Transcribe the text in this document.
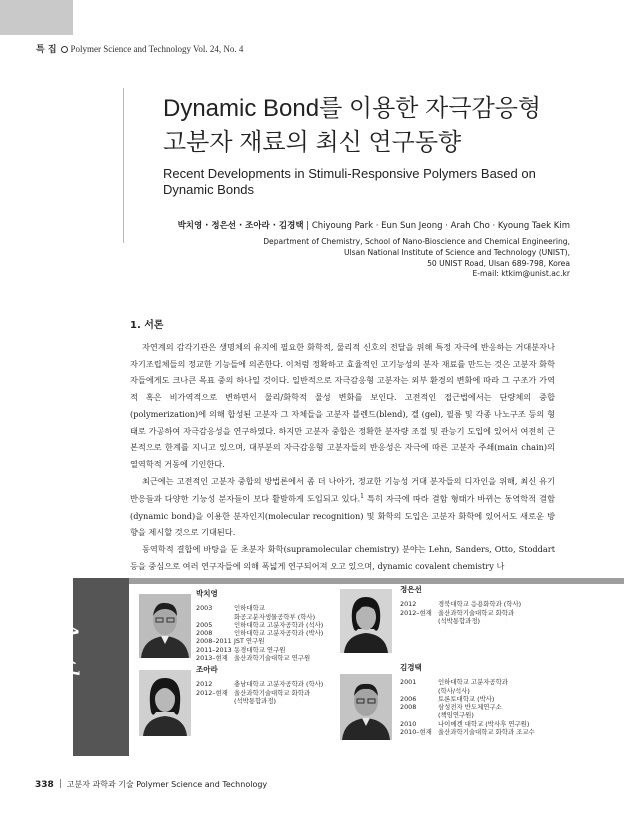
특 집 Polymer Science and Technology Vol. 24, No. 4
Dynamic Bond를 이용한 자극감응형
고분자 재료의 최신 연구동향
Recent Developments in Stimuli-Responsive Polymers Based on
Dynamic Bonds
박치영 · 정은선 · 조아라 · 김경택 | Chiyoung Park · Eun Sun Jeong · Arah Cho · Kyoung Taek Kim
Department of Chemistry, School of Nano-Bioscience and Chemical Engineering,
Ulsan National Institute of Science and Technology (UNIST),
50 UNIST Road, Ulsan 689-798, Korea
E-mail: ktkim@unist.ac.kr
1. 서론

자연계의 감각기관은 생명체의 유지에 필요한 화학적, 물리적 신호의 전달을 위해 특정 자극에 반응하는 거대분자나 자기조립체들의 정교한 기능들에 의존한다. 이처럼 정확하고 효율적인 고기능성의 분자 재료를 만드는 것은 고분자 화학자들에게도 크나큰 목표 중의 하나일 것이다. 일반적으로 자극감응형 고분자는 외부 환경의 변화에 따라 그 구조가 가역적 혹은 비가역적으로 변하면서 물리/화학적 물성 변화를 보인다. 고전적인 접근법에서는 단량체의 중합(polymerization)에 의해 합성된 고분자 그 자체들을 고분자 블렌드(blend), 겔 (gel), 필름 및 각종 나노구조 등의 형태로 가공하여 자극감응성을 연구하였다. 하지만 고분자 중합은 정확한 분자량 조절 및 관능기 도입에 있어서 여전히 근본적으로 한계를 지니고 있으며, 대부분의 자극감응형 고분자들의 반응성은 자극에 따른 고분자 주쇄(main chain)의 열역학적 거동에 기인한다.

최근에는 고전적인 고분자 중합의 방법론에서 좀 더 나아가, 정교한 기능성 거대 분자들의 디자인을 위해, 최신 유기반응들과 다양한 기능성 분자들이 보다 활발하게 도입되고 있다.$^1$ 특히 자극에 따라 결합 형태가 바뀌는 동역학적 결합(dynamic bond)을 이용한 분자인지(molecular recognition) 및 화학의 도입은 고분자 화학에 있어서도 새로운 방향을 제시할 것으로 기대된다.

동역학적 결합에 바탕을 둔 초분자 화학(supramolecular chemistry) 분야는 Lehn, Sanders, Otto, Stoddart 등을 중심으로 여러 연구자들에 의해 폭넓게 연구되어져 오고 있으며, dynamic covalent chemistry 나

Author
박치영
2003	인하대학교
	화공고분자생물공학부 (학사)
2005	인하대학교 고분자공학과 (석사)
2008	인하대학교 고분자공학과 (박사)
2008–2011	JST 연구원
2011–2013	동경대학교 연구원
2013–현재	울산과학기술대학교 연구원
정은선
2012	경북대학교 응용화학과 (학사)
2012–현재	울산과학기술대학교 화학과
	(석박통합과정)
조아라
2012	충남대학교 고분자공학과 (학사)
2012–현재	울산과학기술대학교 화학과
	(석박통합과정)
김경택
2001	인하대학교 고분자공학과
	(학사/석사)
2006	토론토대학교 (박사)
2008	삼성전자 반도체연구소
	(책임연구원)
2010	나이메겐 대학교 (박사후 연구원)
2010–현재	울산과학기술대학교 화학과 조교수
338 고분자 과학과 기술 Polymer Science and Technology
